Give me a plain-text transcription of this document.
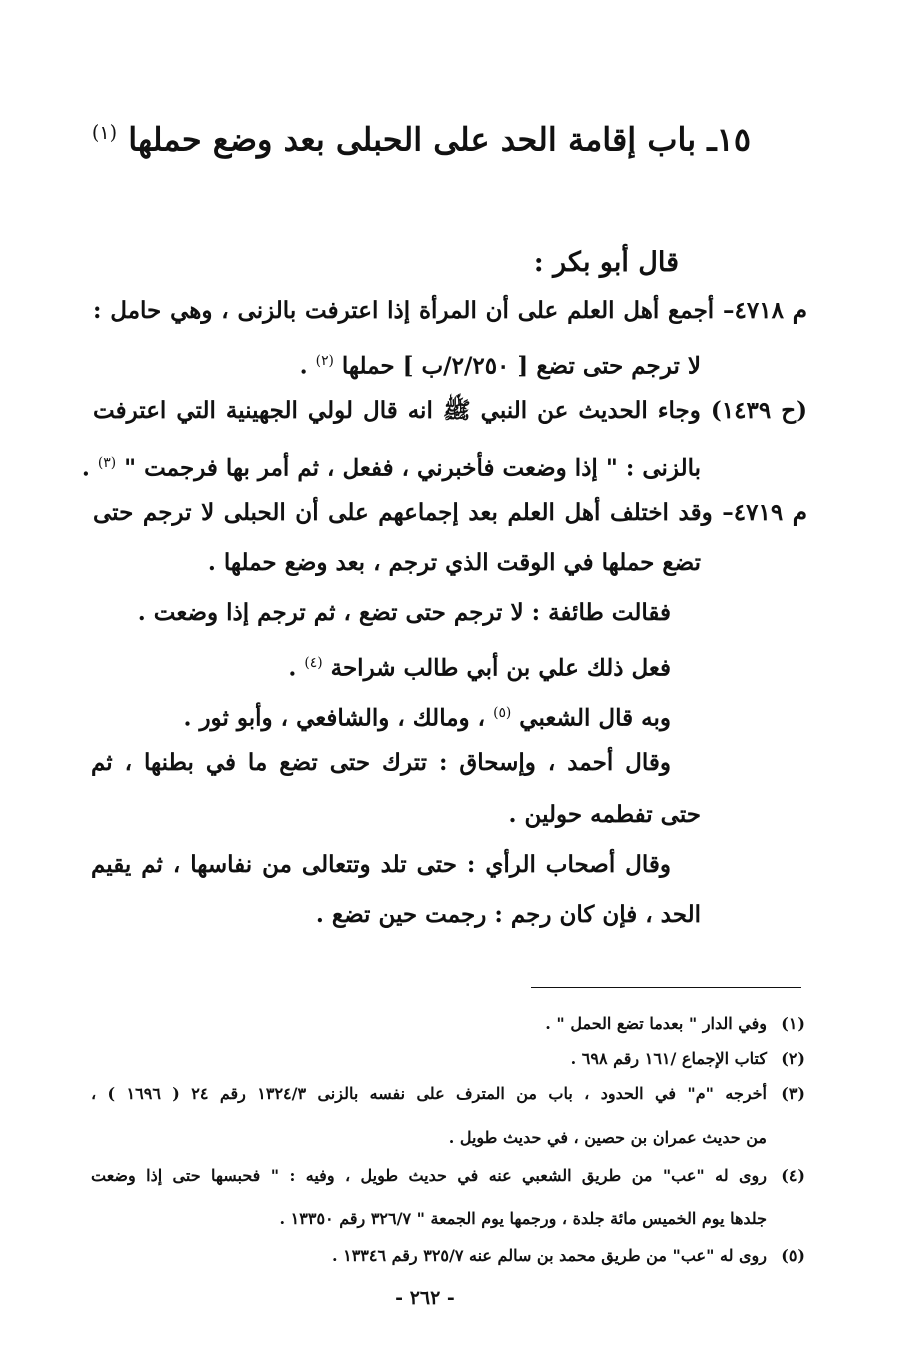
١٥ـ باب إقامة الحد على الحبلى بعد وضع حملها $^{(١)}$
قال أبو بكر :
م ٤٧١٨– أجمع أهل العلم على أن المرأة إذا اعترفت بالزنى ، وهي حامل :
لا ترجم حتى تضع [ ٢/٢٥٠/ب ] حملها $^{(٢)}$ .
(ح ١٤٣٩) وجاء الحديث عن النبي ﷺ انه قال لولي الجهينية التي اعترفت
بالزنى : " إذا وضعت فأخبرني ، ففعل ، ثم أمر بها فرجمت " $^{(٣)}$ .
م ٤٧١٩– وقد اختلف أهل العلم بعد إجماعهم على أن الحبلى لا ترجم حتى
تضع حملها في الوقت الذي ترجم ، بعد وضع حملها .
فقالت طائفة : لا ترجم حتى تضع ، ثم ترجم إذا وضعت .
فعل ذلك علي بن أبي طالب شراحة $^{(٤)}$ .
وبه قال الشعبي $^{(٥)}$ ، ومالك ، والشافعي ، وأبو ثور .
وقال أحمد ، وإسحاق : تترك حتى تضع ما في بطنها ، ثم
حتى تفطمه حولين .
وقال أصحاب الرأي : حتى تلد وتتعالى من نفاسها ، ثم يقيم
الحد ، فإن كان رجم : رجمت حين تضع .
(١)وفي الدار " بعدما تضع الحمل " .
(٢)كتاب الإجماع /١٦١ رقم ٦٩٨ .
(٣)أخرجه "م" في الحدود ، باب من المترف على نفسه بالزنى ١٣٢٤/٣ رقم ٢٤ ( ١٦٩٦ ) ،
من حديث عمران بن حصين ، في حديث طويل .
(٤)روى له "عب" من طريق الشعبي عنه في حديث طويل ، وفيه : " فحبسها حتى إذا وضعت
جلدها يوم الخميس مائة جلدة ، ورجمها يوم الجمعة " ٣٢٦/٧ رقم ١٣٣٥٠ .
(٥)روى له "عب" من طريق محمد بن سالم عنه ٣٢٥/٧ رقم ١٣٣٤٦ .
- ٢٦٢ -
